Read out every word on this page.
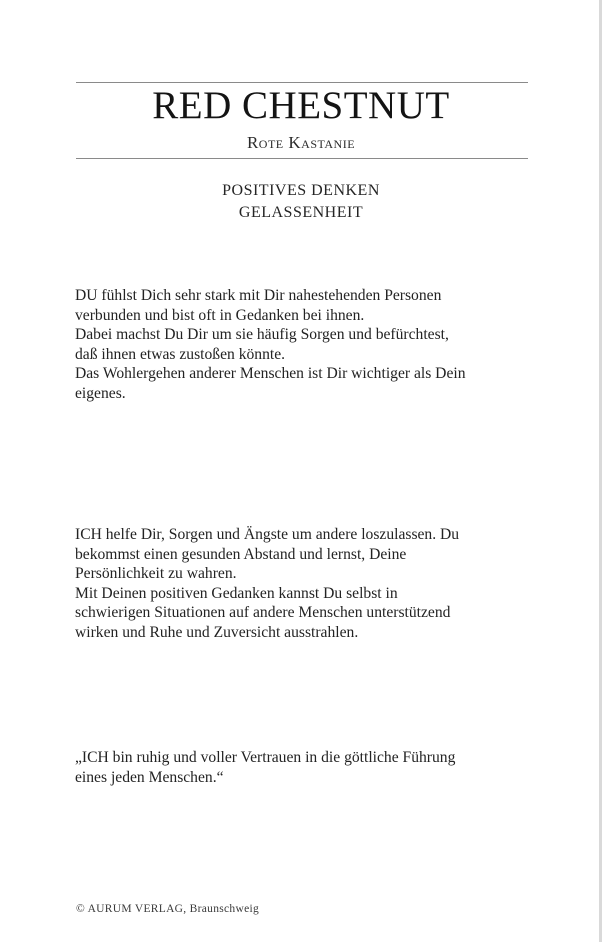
RED CHESTNUT
Rote Kastanie
POSITIVES DENKEN
GELASSENHEIT

DU fühlst Dich sehr stark mit Dir nahestehenden Personen

verbunden und bist oft in Gedanken bei ihnen.

Dabei machst Du Dir um sie häufig Sorgen und befürchtest,

daß ihnen etwas zustoßen könnte.

Das Wohlergehen anderer Menschen ist Dir wichtiger als Dein

eigenes.

ICH helfe Dir, Sorgen und Ängste um andere loszulassen. Du

bekommst einen gesunden Abstand und lernst, Deine

Persönlichkeit zu wahren.

Mit Deinen positiven Gedanken kannst Du selbst in

schwierigen Situationen auf andere Menschen unterstützend

wirken und Ruhe und Zuversicht ausstrahlen.

„ICH bin ruhig und voller Vertrauen in die göttliche Führung

eines jeden Menschen.“

© AURUM VERLAG, Braunschweig
